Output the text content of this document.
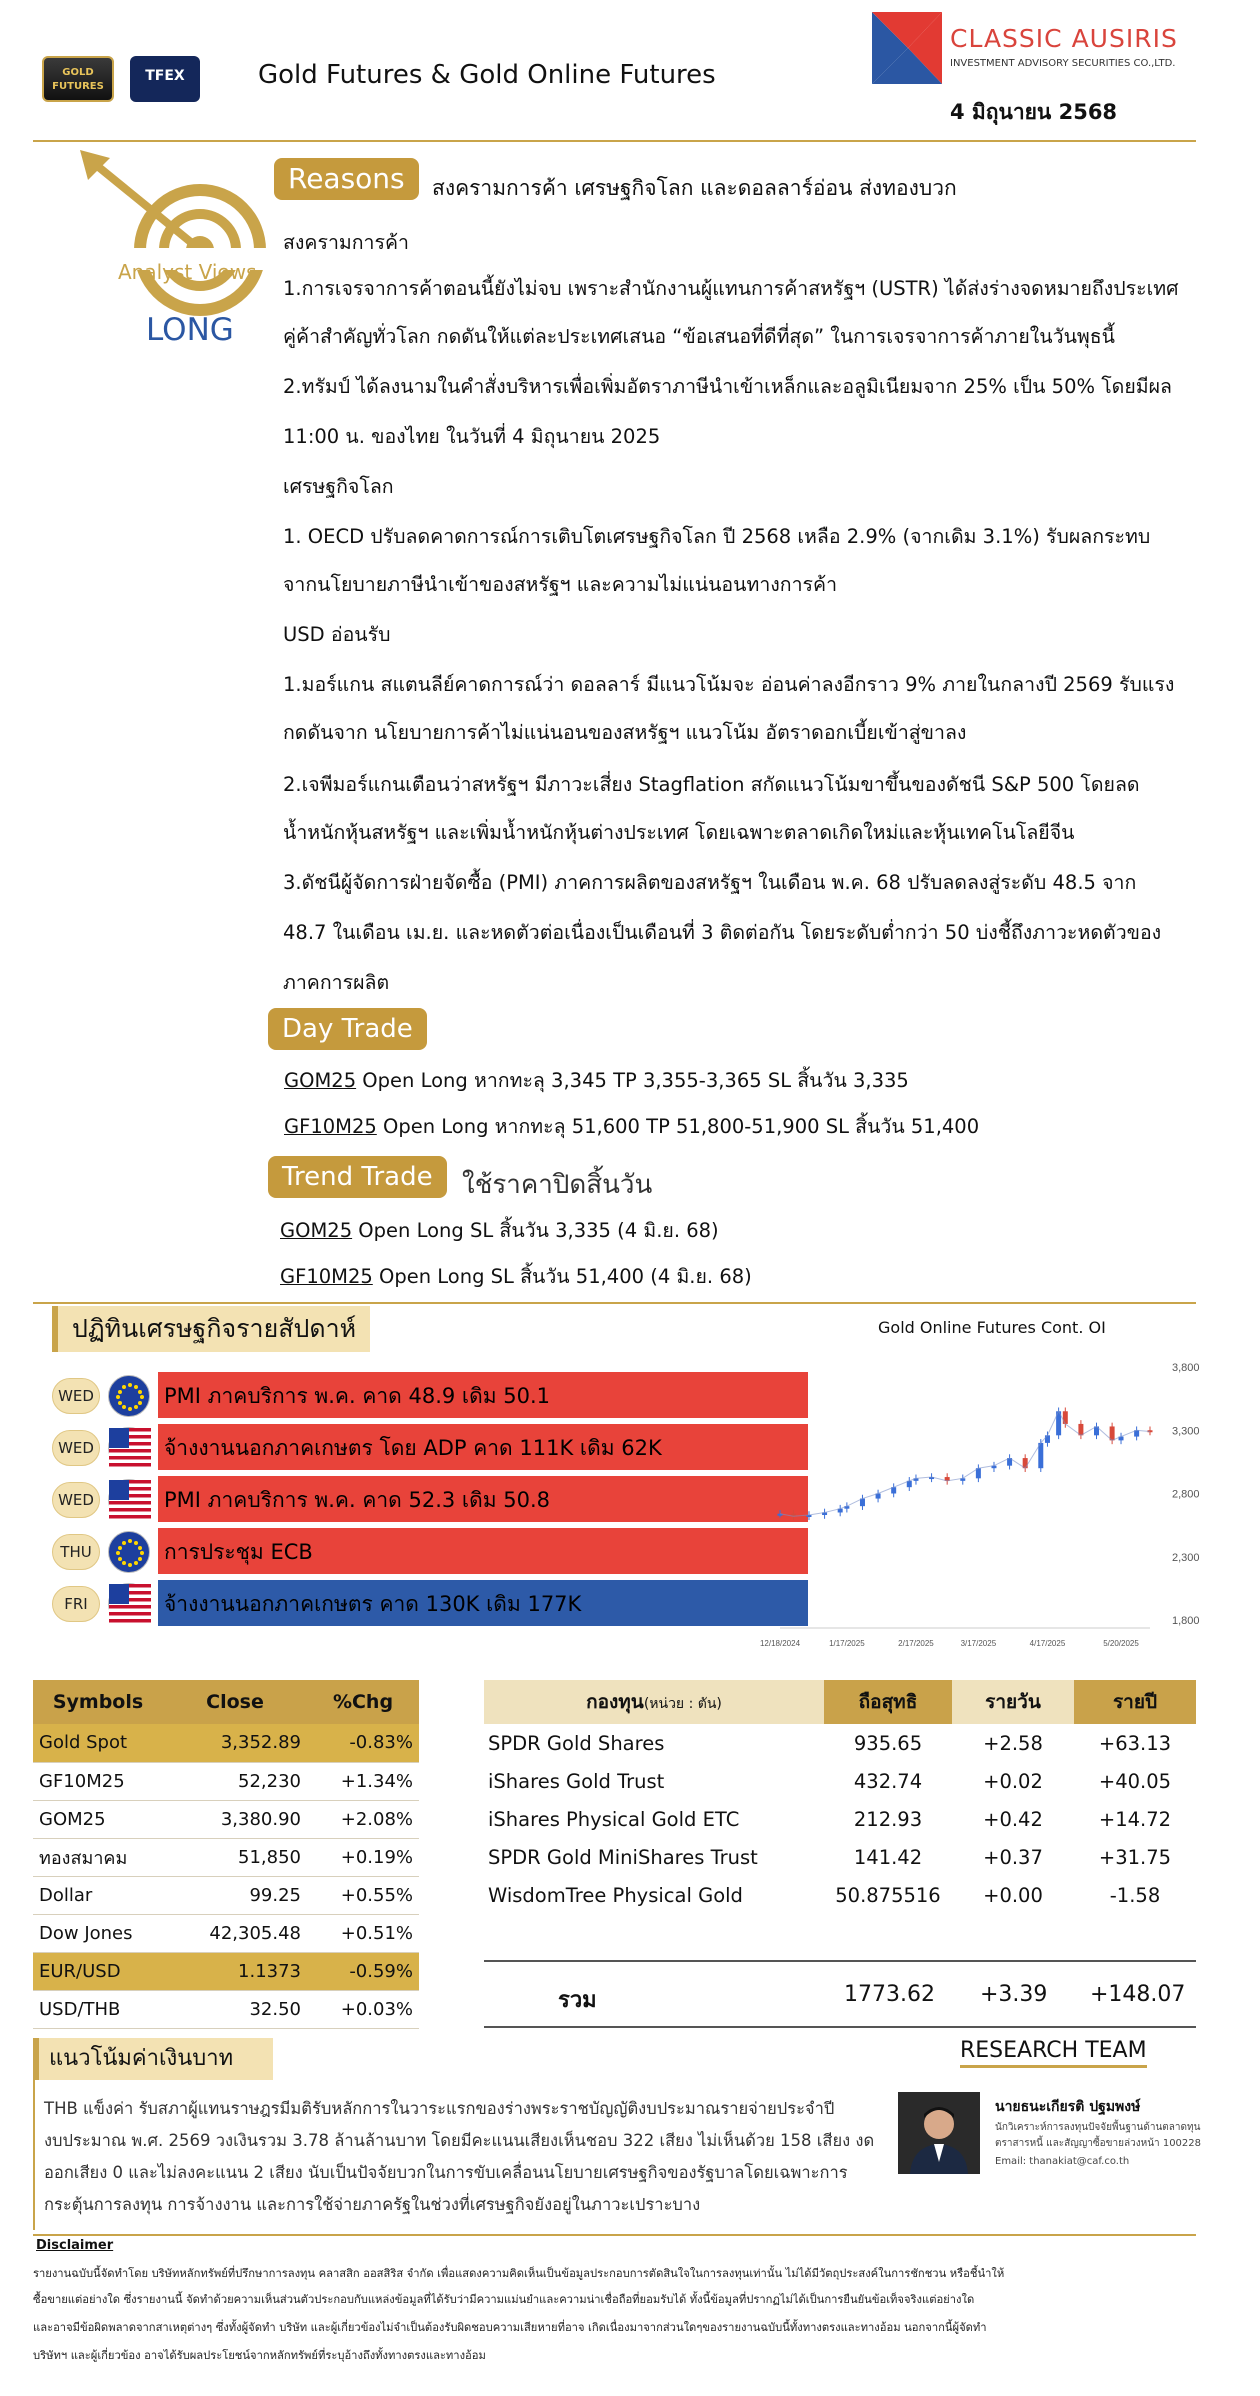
GOLD FUTURES
TFEX	Gold Futures & Gold Online Futures
CLASSIC AUSIRIS
INVESTMENT ADVISORY SECURITIES CO.,LTD.
4 มิถุนายน 2568
Analyst Views
LONG
Reasons	สงครามการค้า เศรษฐกิจโลก และดอลลาร์อ่อน ส่งทองบวก
สงครามการค้า
1.การเจรจาการค้าตอนนี้ยังไม่จบ เพราะสำนักงานผู้แทนการค้าสหรัฐฯ (USTR) ได้ส่งร่างจดหมายถึงประเทศ
คู่ค้าสำคัญทั่วโลก กดดันให้แต่ละประเทศเสนอ “ข้อเสนอที่ดีที่สุด” ในการเจรจาการค้าภายในวันพุธนี้
2.ทรัมป์ ได้ลงนามในคำสั่งบริหารเพื่อเพิ่มอัตราภาษีนำเข้าเหล็กและอลูมิเนียมจาก 25% เป็น 50% โดยมีผล
11:00 น. ของไทย ในวันที่ 4 มิถุนายน 2025
เศรษฐกิจโลก
1. OECD ปรับลดคาดการณ์การเติบโตเศรษฐกิจโลก ปี 2568 เหลือ 2.9% (จากเดิม 3.1%) รับผลกระทบ
จากนโยบายภาษีนำเข้าของสหรัฐฯ และความไม่แน่นอนทางการค้า
USD อ่อนรับ
1.มอร์แกน สแตนลีย์คาดการณ์ว่า ดอลลาร์ มีแนวโน้มจะ อ่อนค่าลงอีกราว 9% ภายในกลางปี 2569 รับแรง
กดดันจาก นโยบายการค้าไม่แน่นอนของสหรัฐฯ แนวโน้ม อัตราดอกเบี้ยเข้าสู่ขาลง
2.เจพีมอร์แกนเตือนว่าสหรัฐฯ มีภาวะเสี่ยง Stagflation สกัดแนวโน้มขาขึ้นของดัชนี S&P 500 โดยลด
น้ำหนักหุ้นสหรัฐฯ และเพิ่มน้ำหนักหุ้นต่างประเทศ โดยเฉพาะตลาดเกิดใหม่และหุ้นเทคโนโลยีจีน
3.ดัชนีผู้จัดการฝ่ายจัดซื้อ (PMI) ภาคการผลิตของสหรัฐฯ ในเดือน พ.ค. 68 ปรับลดลงสู่ระดับ 48.5 จาก
48.7 ในเดือน เม.ย. และหดตัวต่อเนื่องเป็นเดือนที่ 3 ติดต่อกัน โดยระดับต่ำกว่า 50 บ่งชี้ถึงภาวะหดตัวของ
ภาคการผลิต
Day Trade
GOM25 Open Long หากทะลุ 3,345 TP 3,355-3,365 SL สิ้นวัน 3,335
GF10M25 Open Long หากทะลุ 51,600 TP 51,800-51,900 SL สิ้นวัน 51,400
Trend Trade	ใช้ราคาปิดสิ้นวัน
GOM25 Open Long SL สิ้นวัน 3,335 (4 มิ.ย. 68)
GF10M25 Open Long SL สิ้นวัน 51,400 (4 มิ.ย. 68)
ปฏิทินเศรษฐกิจรายสัปดาห์
WED	PMI ภาคบริการ พ.ค. คาด 48.9 เดิม 50.1
WED	จ้างงานนอกภาคเกษตร โดย ADP คาด 111K เดิม 62K
WED	PMI ภาคบริการ พ.ค. คาด 52.3 เดิม 50.8
THU	การประชุม ECB
FRI	จ้างงานนอกภาคเกษตร คาด 130K เดิม 177K
Gold Online Futures Cont. OI
3,800
3,300
2,800
2,300
1,800
12/18/2024	1/17/2025	2/17/2025	3/17/2025	4/17/2025	5/20/2025
Symbols	Close	%Chg
Gold Spot	3,352.89	-0.83%
GF10M25	52,230	+1.34%
GOM25	3,380.90	+2.08%
ทองสมาคม	51,850	+0.19%
Dollar	99.25	+0.55%
Dow Jones	42,305.48	+0.51%
EUR/USD	1.1373	-0.59%
USD/THB	32.50	+0.03%
กองทุน(หน่วย : ตัน)	ถือสุทธิ	รายวัน	รายปี
SPDR Gold Shares	935.65	+2.58	+63.13
iShares Gold Trust	432.74	+0.02	+40.05
iShares Physical Gold ETC	212.93	+0.42	+14.72
SPDR Gold MiniShares Trust	141.42	+0.37	+31.75
WisdomTree Physical Gold	50.875516	+0.00	-1.58
รวม	1773.62 +3.39 +148.07
แนวโน้มค่าเงินบาท
THB แข็งค่า รับสภาผู้แทนราษฎรมีมติรับหลักการในวาระแรกของร่างพระราชบัญญัติงบประมาณรายจ่ายประจำปี
งบประมาณ พ.ศ. 2569 วงเงินรวม 3.78 ล้านล้านบาท โดยมีคะแนนเสียงเห็นชอบ 322 เสียง ไม่เห็นด้วย 158 เสียง งด
ออกเสียง 0 และไม่ลงคะแนน 2 เสียง นับเป็นปัจจัยบวกในการขับเคลื่อนนโยบายเศรษฐกิจของรัฐบาลโดยเฉพาะการ
กระตุ้นการลงทุน การจ้างงาน และการใช้จ่ายภาครัฐในช่วงที่เศรษฐกิจยังอยู่ในภาวะเปราะบาง
RESEARCH TEAM
นายธนะเกียรติ ปฐมพงษ์
นักวิเคราะห์การลงทุนปัจจัยพื้นฐานด้านตลาดทุน
ตราสารหนี้ และสัญญาซื้อขายล่วงหน้า 100228
Email: thanakiat@caf.co.th
Disclaimer
รายงานฉบับนี้จัดทำโดย บริษัทหลักทรัพย์ที่ปรึกษาการลงทุน คลาสสิก ออสสิริส จำกัด เพื่อแสดงความคิดเห็นเป็นข้อมูลประกอบการตัดสินใจในการลงทุนเท่านั้น ไม่ได้มีวัตถุประสงค์ในการชักชวน หรือชี้นำให้
ซื้อขายแต่อย่างใด ซึ่งรายงานนี้ จัดทำด้วยความเห็นส่วนตัวประกอบกับแหล่งข้อมูลที่ได้รับว่ามีความแม่นยำและความน่าเชื่อถือที่ยอมรับได้ ทั้งนี้ข้อมูลที่ปรากฏไม่ได้เป็นการยืนยันข้อเท็จจริงแต่อย่างใด
และอาจมีข้อผิดพลาดจากสาเหตุต่างๆ ซึ่งทั้งผู้จัดทำ บริษัท และผู้เกี่ยวข้องไม่จำเป็นต้องรับผิดชอบความเสียหายที่อาจ เกิดเนื่องมาจากส่วนใดๆของรายงานฉบับนี้ทั้งทางตรงและทางอ้อม นอกจากนี้ผู้จัดทำ
บริษัทฯ และผู้เกี่ยวข้อง อาจได้รับผลประโยชน์จากหลักทรัพย์ที่ระบุอ้างถึงทั้งทางตรงและทางอ้อม
